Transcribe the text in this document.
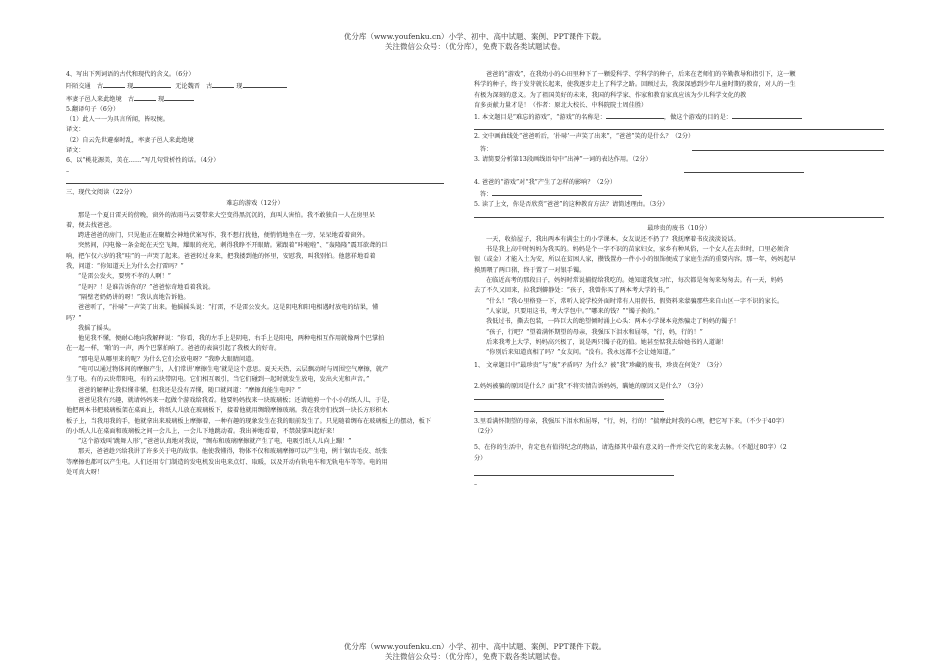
优分库（www.youfenku.cn）小学、初中、高中试题、案例、PPT课件下载。
关注微信公众号：（优分库），免费下载各类试题试卷。
4、写出下列词语的古代和现代的含义。（6分）
阡陌交通　古	现	无论魏晋　古	现
率妻子邑人来此绝境　古	现
5.翻译句子（6分）
（1）此人一一为具言所闻，皆叹惋。
译文：
（2）自云先世避秦时乱，率妻子邑人来此绝境
译文：
6、以“桃花源美，美在……”写几句赏析性的话。（4分）
–
三、现代文阅读（22分）
难忘的游戏（12分）
那是一个夏日雷天的傍晚，窗外的浓雨马云要带来大空变得黑沉沉的，真叫人害怕。我不敢独自一人在房里呆
着，便去找爸爸。
跨进爸爸的房门，只见他正在聚精会神地伏案写作，我不想打扰他，便悄悄地坐在一旁，呆呆地看着窗外。
突然间，闪电像一条金蛇在天空飞舞，耀眼的亮光，刺得我睁不开眼睛。紧跟着“咔啦啦”、“轰隆隆”震耳欲聋的巨
响，把乍仅六岁的我“哇”的一声哭了起来。爸爸转过身来，把我搂到他的怀里，安慰我，叫我别怕。他慈祥地看着
我，问道：“你知道天上为什么会打雷吗？”
“是雷公发火，要劈不孝的人啊！”
“是吗？！是谁告诉你的？”爸爸惊奇地看着我说。
“隔壁老奶奶讲的呀！”我认真地告诉他。
爸爸听了，“扑哧”一声笑了出来。他摇摇头说：“打雷，不是雷公发火。这是阴电和阳电相遇时放电的结果，懂
吗？”
我摇了摇头。
他见我不懂，便耐心地向我解释说：“你看，我的左手上是阴电，右手上是阳电，两种电相互作用就像两个巴掌拍
在一起一样，‘啪’的一声，两个巴掌拍响了。爸爸的表演引起了我极大的好奇。
“那电是从哪里来的呢？为什么它们会放电呀？”我睁大眼睛问道。
“电可以通过物体间的摩擦产生，人们常讲‘摩擦生电’就是这个意思。夏天天热，云层飘动时与周围空气摩擦，就产
生了电。有的云块带阳电，有的云块带阴电。它们相互吸引，当它们碰到一起时就发生放电，发出火光和声音。”
爸爸的解释让我似懂非懂，但我还是没有弄懂，随口就问道：“摩擦真能生电吗？”
爸爸见我有兴趣，就请妈妈来一起做个游戏给我看。他要妈妈找来一块玻璃板；还请她剪一个小小的纸人儿，于是，
他把两本书把玻璃板架在桌面上，将纸人儿放在玻璃板下，接着他就用绸缎摩擦玻璃。我在我旁们找到一块长方形积木
板子上，当我用我的手，他就拿出来玻璃板上摩擦着，一种有趣的现象发生在我的眼前发生了。只见随着绸布在玻璃板上的摆动，板下
的小纸人儿在桌面和玻璃板之间一会儿上，一会儿下地跳动着。我出神地看着，不禁鼓掌叫起好来！
“这个游戏叫‘跳舞人形’，”爸爸认真地对我说，“绸布和玻璃摩擦就产生了电，电吸引纸人儿向上蹦！”
那天，爸爸趁兴给我讲了许多关于电的故事。他使我懂得，物体不仅和玻璃摩擦可以产生电，例十锯齿毛皮、纸张
等摩擦也都可以产生电。人们还用专门制造的发电机发出电来点灯、取暖，以及开动有轨电车和无轨电车等等。电的用
处可真大呀！
爸爸的“游戏”，在我幼小的心田里种下了一颗爱科学、学科学的种子，后来在老师们的辛勤教导和指引下，这一颗
科学的种子，终于发芽就长起来，使我逐步走上了科学之路。回顾过去，我深深感到少年儿童时期的教育，对人的一生
有极为深刻的意义。为了祖国美好的未来，我国的科学家、作家和教育家真应该为少儿科学文化的教
育多贡献力量才是！（作者：原北大校长、中科院院士周佳胜）
1. 本文题目是“难忘的游戏”，“游戏”的名称是：	，做这个游戏的目的是：
2. 文中画曲线处“爸爸听后，‘扑哧’一声笑了出来”，“爸爸”笑的是什么？（2分）
答：
3. 请简要分析第13段画线语句中“出神”一词的表达作用。（2分）
4. 爸爸的“游戏”对“我”产生了怎样的影响？（2分）
答：
5. 读了上文，你是否欣赏“爸爸”的这种教育方法？请简述理由。（3分）
最珍贵的废书（10分）
一天，收拾屋子，我出两本有满尘土的小学课本。女友说还不扔了？我抚摩着书皮淡淡说话。
书是我上高中时妈妈为我买的。妈妈是个一字不识的苗家妇女，家乡有种风俗，一个女人在去世时，口里必须含
银（或金）才能入土为安，所以在贫困人家，攒钱置办一件小小的银饰便成了家庭生活的重要内容。那一年，妈妈起早
摸黑喂了两口猪，终于置了一对银手镯。
在临近高考的那段日子，妈妈时常说捕捉给我吃的。她知道我复习忙，每次都是匆匆来匆匆去。有一天，妈妈
去了不久又回来，拉我到僻静处：“孩子，我曾你买了两本考大学的书。”
“什么！”我心里格登一下，常听人说学校外面时常有人用假书、假资料来蒙骗那些来自山区一字不识的家长。
“人家说，只要用这书，考大学包中。”“哪来的钱？”“镯子换的。”
我低过书，撕去包装，一阵巨大的绝望倾时涌上心头：两本小学课本竟然骗走了妈妈的镯子！
“孩子，行吧？”望着满怀期望的母亲，我强压下泪水和屈辱，“行，妈，行的！”
后来我考上大学，妈妈高兴极了，说是两只镯子花的值。她甚至惦我去给她书的人道谢！
“你别后来知道真相了吗？”女友问。“没有。我永远都不会让她知道。”
1、 文章题目中“最珍贵”与“废”矛盾吗？为什么？被“我”珍藏的废书，珍贵在何处？（3分）
2.妈妈被骗的原因是什么？面“我”不将实情告诉妈妈，瞒她的原因又是什么？（3分）
3.里看满怀期望的母亲，我强压下泪水和屈辱，“行，妈，行的！”揣摩此时我的心理，把它写下来。（不少于40字）
（2分）
5、在你的生活中，肯定也有值得纪念的物品，请选择其中最有意义的一件并交代它的来龙去脉。（不超过80字）（2
分）
–
优分库（www.youfenku.cn）小学、初中、高中试题、案例、PPT课件下载。
关注微信公众号：（优分库），免费下载各类试题试卷。
